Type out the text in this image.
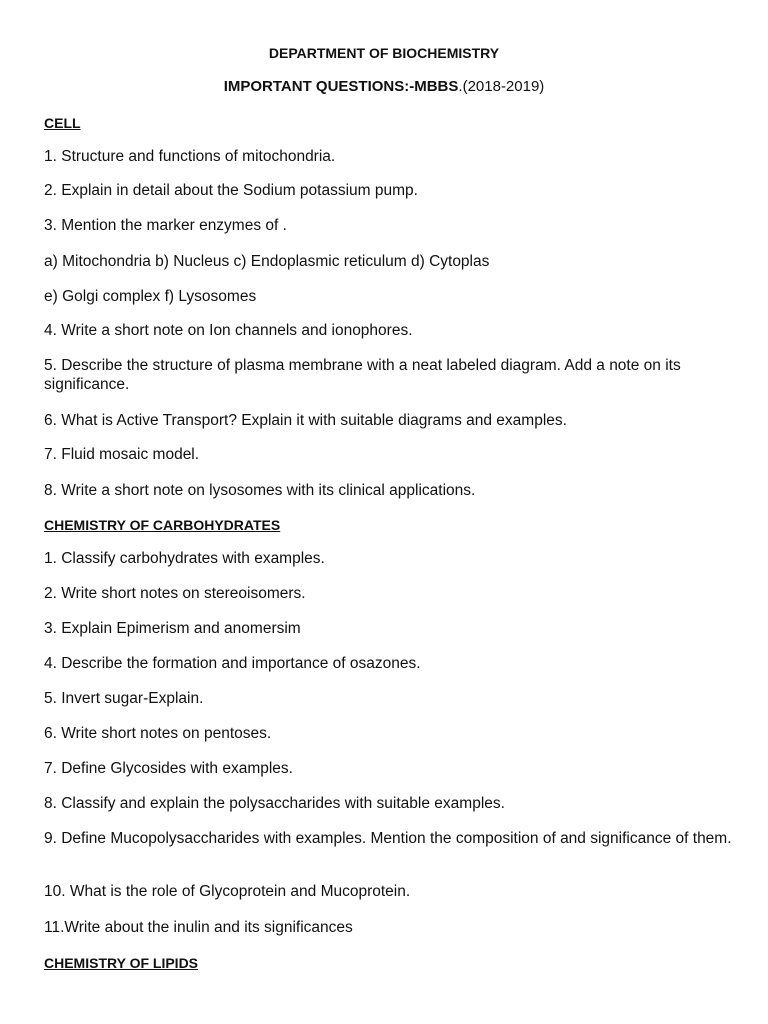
DEPARTMENT OF BIOCHEMISTRY
IMPORTANT QUESTIONS:-MBBS.(2018-2019)
CELL
1. Structure and functions of mitochondria.
2. Explain in detail about the Sodium potassium pump.
3. Mention the marker enzymes of .
a) Mitochondria b) Nucleus c) Endoplasmic reticulum d) Cytoplas
e) Golgi complex f) Lysosomes
4. Write a short note on Ion channels and ionophores.
5. Describe the structure of plasma membrane with a neat labeled diagram. Add a note on its significance.
6. What is Active Transport? Explain it with suitable diagrams and examples.
7. Fluid mosaic model.
8. Write a short note on lysosomes with its clinical applications.
CHEMISTRY OF CARBOHYDRATES
1. Classify carbohydrates with examples.
2. Write short notes on stereoisomers.
3. Explain Epimerism and anomersim
4. Describe the formation and importance of osazones.
5. Invert sugar-Explain.
6. Write short notes on pentoses.
7. Define Glycosides with examples.
8. Classify and explain the polysaccharides with suitable examples.
9. Define Mucopolysaccharides with examples. Mention the composition of and significance of them.
10. What is the role of Glycoprotein and Mucoprotein.
11.Write about the inulin and its significances
CHEMISTRY OF LIPIDS
